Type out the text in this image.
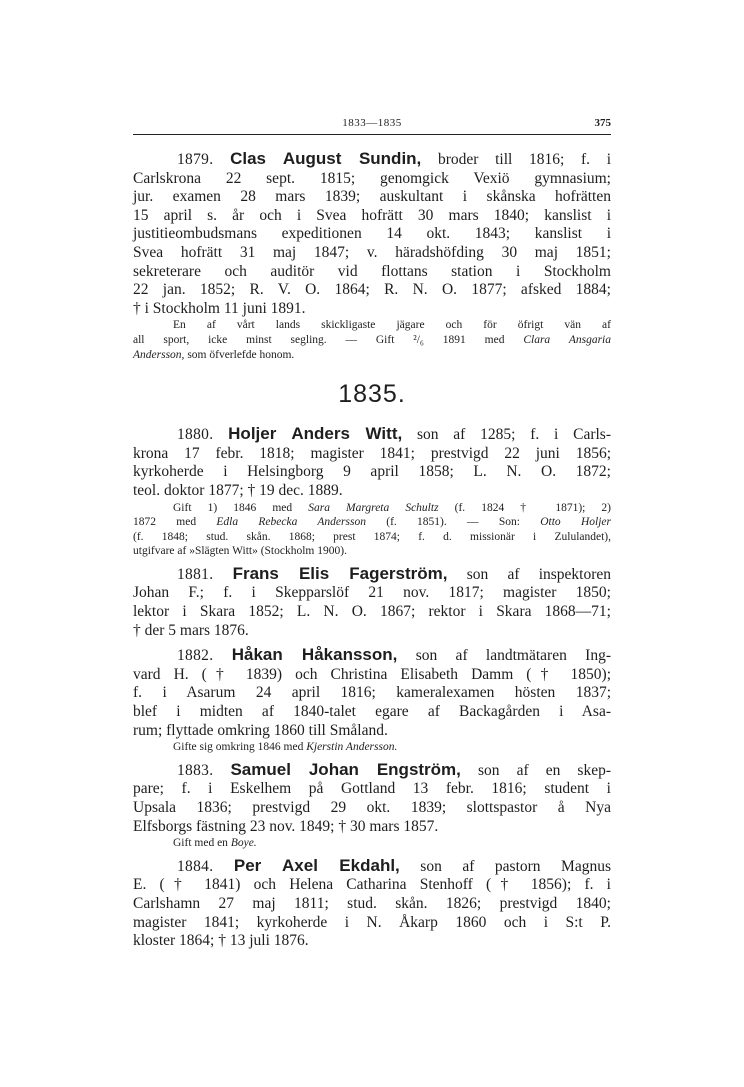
1833—1835	375
1879. Clas August Sundin, broder till 1816; f. i
Carlskrona 22 sept. 1815; genomgick Vexiö gymnasium;
jur. examen 28 mars 1839; auskultant i skånska hofrätten
15 april s. år och i Svea hofrätt 30 mars 1840; kanslist i
justitieombudsmans expeditionen 14 okt. 1843; kanslist i
Svea hofrätt 31 maj 1847; v. häradshöfding 30 maj 1851;
sekreterare och auditör vid flottans station i Stockholm
22 jan. 1852; R. V. O. 1864; R. N. O. 1877; afsked 1884;
† i Stockholm 11 juni 1891.
En af vårt lands skickligaste jägare och för öfrigt vän af
all sport, icke minst segling. — Gift ²/₆ 1891 med Clara Ansgaria
Andersson, som öfverlefde honom.
1835.
1880. Holjer Anders Witt, son af 1285; f. i Carls-
krona 17 febr. 1818; magister 1841; prestvigd 22 juni 1856;
kyrkoherde i Helsingborg 9 april 1858; L. N. O. 1872;
teol. doktor 1877; † 19 dec. 1889.
Gift 1) 1846 med Sara Margreta Schultz (f. 1824 † 1871); 2)
1872 med Edla Rebecka Andersson (f. 1851). — Son: Otto Holjer
(f. 1848; stud. skån. 1868; prest 1874; f. d. missionär i Zululandet),
utgifvare af »Slägten Witt» (Stockholm 1900).
1881. Frans Elis Fagerström, son af inspektoren
Johan F.; f. i Skepparslöf 21 nov. 1817; magister 1850;
lektor i Skara 1852; L. N. O. 1867; rektor i Skara 1868—71;
† der 5 mars 1876.
1882. Håkan Håkansson, son af landtmätaren Ing-
vard H. († 1839) och Christina Elisabeth Damm († 1850);
f. i Asarum 24 april 1816; kameralexamen hösten 1837;
blef i midten af 1840-talet egare af Backagården i Asa-
rum; flyttade omkring 1860 till Småland.
Gifte sig omkring 1846 med Kjerstin Andersson.
1883. Samuel Johan Engström, son af en skep-
pare; f. i Eskelhem på Gottland 13 febr. 1816; student i
Upsala 1836; prestvigd 29 okt. 1839; slottspastor å Nya
Elfsborgs fästning 23 nov. 1849; † 30 mars 1857.
Gift med en Boye.
1884. Per Axel Ekdahl, son af pastorn Magnus
E. († 1841) och Helena Catharina Stenhoff († 1856); f. i
Carlshamn 27 maj 1811; stud. skån. 1826; prestvigd 1840;
magister 1841; kyrkoherde i N. Åkarp 1860 och i S:t P.
kloster 1864; † 13 juli 1876.
